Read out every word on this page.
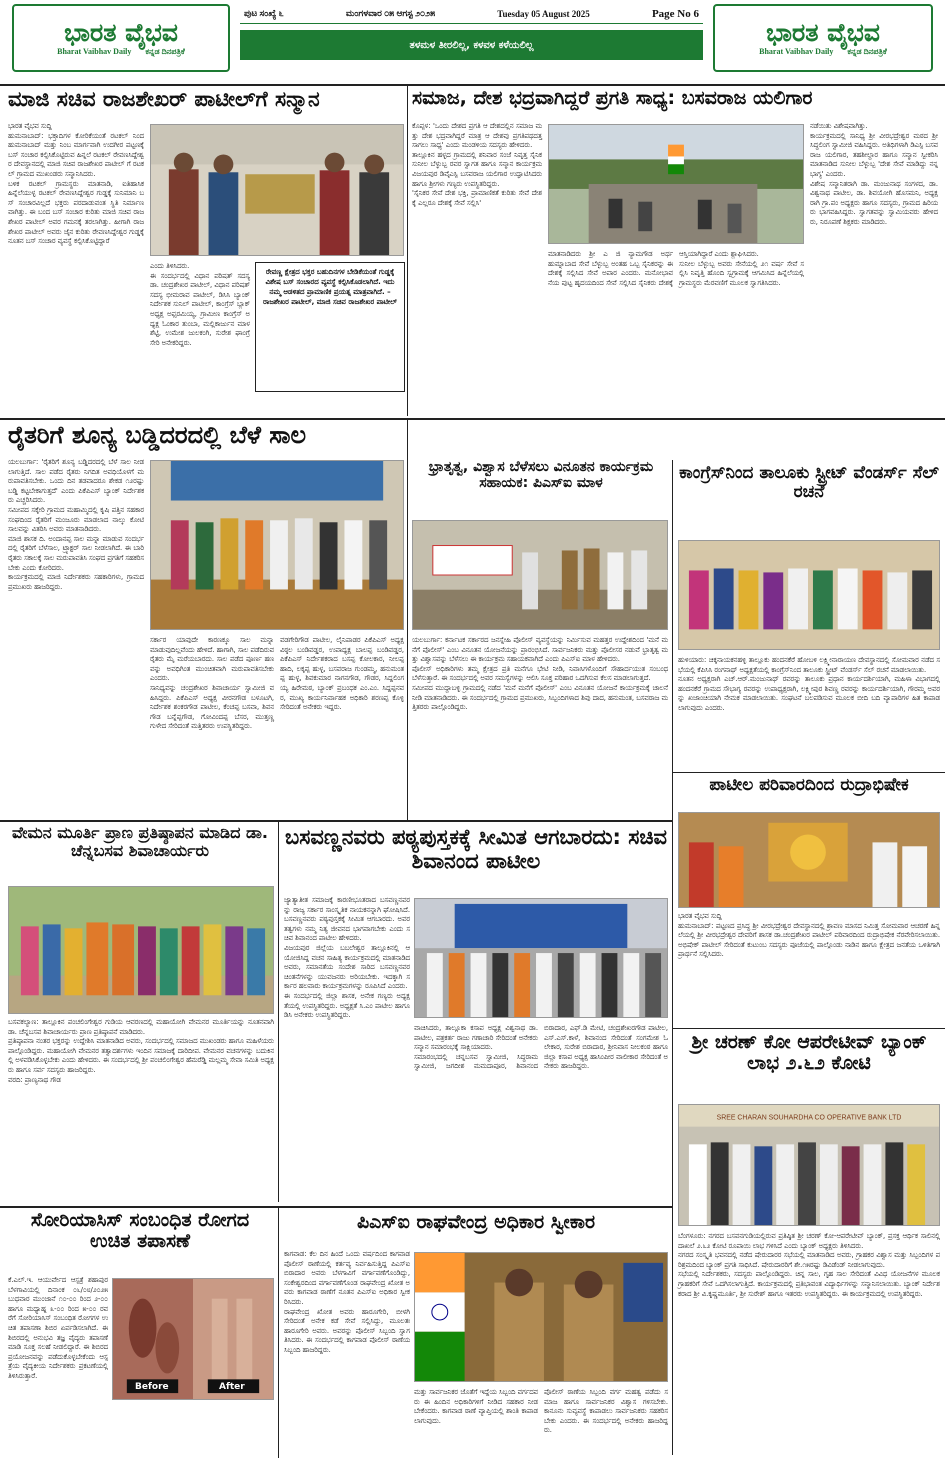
ಭಾರತ ವೈಭವ
Bharat Vaibhav Daily ಕನ್ನಡ ದಿನಪತ್ರಿಕೆ
ಭಾರತ ವೈಭವ
Bharat Vaibhav Daily ಕನ್ನಡ ದಿನಪತ್ರಿಕೆ
ಪುಟ ಸಂಖ್ಯೆ ೬	ಮಂಗಳವಾರ ೦೫ ಆಗಸ್ಟ ೨೦೨೫	Tuesday 05 August 2025	Page No 6
ತಳಮಳ ತೀರಲಿಲ್ಲ, ಕಳವಳ ಕಳೆಯಲಿಲ್ಲ
ಮಾಜಿ ಸಚಿವ ರಾಜಶೇಖರ್ ಪಾಟೀಲ್‌ಗೆ ಸನ್ಮಾನ
ಭಾರತ ವೈಭವ ಸುದ್ದಿ
ಹುಮನಾಬಾದ್: ಭಕ್ತಾದಿಗಳ ಕೋರಿಕೆಯಂತೆ ರಟಕಲ್ ನಿಂದ ಹುಮನಾಬಾದ್ ಮತ್ತು ನಿಂಬ ಮಾರ್ಗವಾಗಿ ಉದಗೀರ ಪಟ್ಟಣಕ್ಕೆ ಬಸ್ ಸಂಚಾರ ಕಲ್ಪಿಸಿಕೊಟ್ಟಿರುವ ಹಿನ್ನಲೆ ರಟಕಲ್ ರೇವಣಸಿದ್ದೇಶ್ವರ ದೇವಸ್ಥಾನದಲ್ಲಿ ಮಾಜಿ ಸಚಿವ ರಾಜಶೇಖರ ಪಾಟೀಲ್ ಗೆ ರಟಕಲ್ ಗ್ರಾಮದ ಮುಖಂಡರು ಸನ್ಮಾನಿಸಿದರು.
ಬಳಿಕ ರಟಕಲ್ ಗ್ರಾಮಸ್ಥರು ಮಾತನಾಡಿ, ಐತಿಹಾಸಿಕ ಹಿನ್ನೆಲೆಯುಳ್ಳ ರಟಕಲ್ ರೇವಣಸಿದ್ದೇಶ್ವರ ಗುಡ್ಡಕ್ಕೆ ಸುನಿಮಾನಿ ಬಸ್ ಸಂಚಾರವಿಲ್ಲದೆ ಭಕ್ತರು ಪರದಾಡುವಂತ ಸ್ಥಿತಿ ನಿರ್ಮಾಣವಾಗಿತ್ತು. ಈ ಬಂದ ಬಸ್ ಸಂಚಾರ ಕುರಿತು ಮಾಜಿ ಸಚಿವ ರಾಜಶೇಖರ ಪಾಟೀಲ್ ಅವರ ಗಮನಕ್ಕೆ ತರಲಾಗಿತ್ತು. ಹೀಗಾಗಿ ರಾಜಶೇಖರ ಪಾಟೀಲ್ ಅವರು ಜೈನ ಕುರಿತು ರೇವಣಸಿದ್ದೇಶ್ವರ ಗುಡ್ಡಕ್ಕೆ ನೂತನ ಬಸ್ ಸಂಚಾರ ವ್ಯವಸ್ಥೆ ಕಲ್ಪಿಸಿಕೊಟ್ಟಿದ್ದಾರೆ
ಎಂದು ತಿಳಿಸಿದರು.
ಈ ಸಂದರ್ಭದಲ್ಲಿ ವಿಧಾನ ಪರಿಷತ್ ಸದಸ್ಯ ಡಾ. ಚಂದ್ರಶೇಖರ ಪಾಟೀಲ್, ವಿಧಾನ ಪರಿಷತ್ ಸದಸ್ಯ ಭೀಮರಾವ ಪಾಟೀಲ್, ಡಿಸಿಸಿ ಬ್ಯಾಂಕ್ ನಿರ್ದೇಶಕ ಸುನಿಲ್ ಪಾಟೀಲ್, ಕಾಂಗ್ರೆಸ್ ಬ್ಲಾಕ್ ಅಧ್ಯಕ್ಷ ಅಫ್ಸರಮಿಯ್ಯ, ಗ್ರಾಮೀಣ ಕಾಂಗ್ರೆಸ್ ಅಧ್ಯಕ್ಷ ಓಂಕಾರ ತುಂಬಾ, ಮಲ್ಲಿಕಾರ್ಜುನ ಮಾಳಶೆಟ್ಟಿ, ಉಮೇಶ ಜುಲಕಂಗಿ, ಸುರೇಶ ಘಾಂಗ್ರೆ ಸೇರಿ ಅನೇಕರಿದ್ದರು.
ರೇವಣ್ಣ ಕ್ಷೇತ್ರದ ಭಕ್ತರ ಬಹುದಿನಗಳ ಬೇಡಿಕೆಯಂತೆ ಗುಡ್ಡಕ್ಕೆ ವಿಶೇಷ ಬಸ್ ಸಂಚಾರದ ವ್ಯವಸ್ಥೆ ಕಲ್ಪಿಸಿಕೊಡಲಾಗಿದೆ. ಇದು ನಮ್ಮ ಆಡಳಿತದ ಪ್ರಾಮಾಣಿಕ ಪ್ರಯತ್ನ ಮಾತ್ರವಾಗಿದೆ. – ರಾಜಶೇಖರ ಪಾಟೀಲ್, ಮಾಜಿ ಸಚಿವ ರಾಜಶೇಖರ ಪಾಟೀಲ್
ಸಮಾಜ, ದೇಶ ಭದ್ರವಾಗಿದ್ದರೆ ಪ್ರಗತಿ ಸಾಧ್ಯ: ಬಸವರಾಜ ಯಲಿಗಾರ
ಕೊಪ್ಪಳ: 'ಒಂದು ದೇಶದ ಪ್ರಗತಿ ಆ ದೇಶದಲ್ಲಿನ ಸಮಾಜ ಮತ್ತು ದೇಶ ಭದ್ರವಾಗಿದ್ದರೆ ಮಾತ್ರ ಆ ದೇಶವು ಪ್ರಗತಿಪಥದತ್ತ ಸಾಗಲು ಸಾಧ್ಯ' ಎಂದು ಮಂಡಳಿಯ ಸದಸ್ಯರು ಹೇಳಿದರು.
ತಾಲ್ಲೂಕಿನ ಹಳ್ಳದ ಗ್ರಾಮದಲ್ಲಿ ಶನಿವಾರ ಸಂಜೆ ನಿವೃತ್ತ ಸೈನಿಕ ಸುನೀಲ ಬೆಳ್ಳುಬ್ಬ ರವರ ಸ್ವಾಗತ ಹಾಗೂ ಸನ್ಮಾನ ಕಾರ್ಯಕ್ರಮ ವಿಜಯಪುರ ಡಿವೈಎಸ್ಪಿ ಬಸವರಾಜ ಯಲಿಗಾರ ಉದ್ಘಾಟಿಸಿದರು ಹಾಗೂ ಶ್ರೀಗಳು ಗಣ್ಯರು ಉಪಸ್ಥಿತರಿದ್ದರು.
'ಸೈನಿಕರ ಸೇವೆ ದೇಶ ಭಕ್ತಿ, ಪ್ರಾಮಾಣಿಕತೆ ಕುರಿತು ಸೇವೆ ದೇಶಕ್ಕೆ ಎಲ್ಲರೂ ದೇಶಕ್ಕೆ ಸೇವೆ ಸಲ್ಲಿಸಿ'
ಮಾತನಾಡಿದರು ಶ್ರೀ ಎ ಜಿ ನ್ಯಾಮಗೌಡ ಅರ್ಥ ಹುಮ್ನಾಬಾದ ಸೇವೆ ಬೆಳ್ಳುಬ್ಬ ಅಂತಹ ಒಬ್ಬ ಸೈನಿಕರನ್ನು ಈ ದೇಶಕ್ಕೆ ಸಲ್ಲಿಸಿದ ಸೇವೆ ಅಪಾರ ಎಂದರು. ಮನೋಭಾವನೆಯ ಪುಟ್ಟ ಹೃದಯದಿಂದ ಸೇವೆ ಸಲ್ಲಿಸಿದ ಸೈನಿಕರು ದೇಶಕ್ಕೆ ಆಸ್ತಿಯಾಗಿದ್ದಾರೆ ಎಂದು ಶ್ಲಾಘಿಸಿದರು.
ಸುನೀಲ ಬೆಳ್ಳುಬ್ಬ ಅವರು ಸೇನೆಯಲ್ಲಿ ೨೧ ವರ್ಷ ಸೇವೆ ಸಲ್ಲಿಸಿ ನಿವೃತ್ತಿ ಹೊಂದಿ ಸ್ವಗ್ರಾಮಕ್ಕೆ ಆಗಮಿಸಿದ ಹಿನ್ನೆಲೆಯಲ್ಲಿ ಗ್ರಾಮಸ್ಥರು ಮೆರವಣಿಗೆ ಮೂಲಕ ಸ್ವಾಗತಿಸಿದರು.
ನಡೆಯಿತು ವಿಶೇಷವಾಗಿತ್ತು.
ಕಾರ್ಯಕ್ರಮದಲ್ಲಿ ಸಾನಿಧ್ಯ ಶ್ರೀ ವೀರಭದ್ರೇಶ್ವರ ಮಠದ ಶ್ರೀ ಸಿದ್ಧಲಿಂಗ ಸ್ವಾಮೀಜಿ ವಹಿಸಿದ್ದರು. ಅತಿಥಿಗಳಾಗಿ ಡಿಎಸ್ಪಿ ಬಸವರಾಜ ಯಲಿಗಾರ, ತಹಶೀಲ್ದಾರ ಹಾಗೂ ಸನ್ಮಾನ ಸ್ವೀಕರಿಸಿ ಮಾತನಾಡಿದ ಸುನೀಲ ಬೆಳ್ಳುಬ್ಬ 'ದೇಶ ಸೇವೆ ಮಾಡಿದ್ದು ನನ್ನ ಭಾಗ್ಯ' ಎಂದರು.
ವಿಶೇಷ ಸನ್ಮಾನಿತರಾಗಿ ಡಾ. ಮಂಜುನಾಥ ಸಂಗಳದ, ಡಾ. ವಿಶ್ವನಾಥ ಪಾಟೀಲ, ಡಾ. ಶಿವಯೋಗಿ ಹೊಸಮನಿ, ಅಧ್ಯಕ್ಷರಾಗಿ ಗ್ರಾ.ಪಂ ಅಧ್ಯಕ್ಷರು ಹಾಗೂ ಸದಸ್ಯರು, ಗ್ರಾಮದ ಹಿರಿಯರು ಭಾಗವಹಿಸಿದ್ದರು. ಸ್ವಾಗತವನ್ನು ಸ್ವಾಮಿಯವರು ಹೇಳಿದರು, ನಿರೂಪಣೆ ಶಿಕ್ಷಕರು ಮಾಡಿದರು.
ರೈತರಿಗೆ ಶೂನ್ಯ ಬಡ್ಡಿದರದಲ್ಲಿ ಬೆಳೆ ಸಾಲ
ಯಲಬುರ್ಗಾ: 'ರೈತರಿಗೆ ಶೂನ್ಯ ಬಡ್ಡಿದರದಲ್ಲಿ ಬೆಳೆ ಸಾಲ ನೀಡಲಾಗುತ್ತಿದೆ. ಸಾಲ ಪಡೆದ ರೈತರು ನಿಗದಿತ ಅವಧಿಯೊಳಗೆ ಮರುಪಾವತಿಸಬೇಕು. ಒಂದು ದಿನ ತಡವಾದರೂ ಶೇಕಡ ೧೨ರಷ್ಟು ಬಡ್ಡಿ ಕಟ್ಟಬೇಕಾಗುತ್ತದೆ' ಎಂದು ಪಿಕೆಪಿಎಸ್ ಬ್ಯಾಂಕ್ ನಿರ್ದೇಶಕರು ಎಚ್ಚರಿಸಿದರು.
ಸಮೀಪದ ಸಕ್ಕೇರಿ ಗ್ರಾಮದ ಮಹಾಮ್ಮಿದಲ್ಲಿ ಕೃಷಿ ಪತ್ತಿನ ಸಹಕಾರ ಸಂಘದಿಂದ ರೈತರಿಗೆ ಮಂಜೂರು ಮಾಡಲಾದ ನಾಲ್ಕು ಕೋಟಿ ಸಾಲವನ್ನು ವಿತರಿಸಿ ಅವರು ಮಾತನಾಡಿದರು.
ಮಾಜಿ ಶಾಸಕ ದಿ. ಅಂದಾನಪ್ಪ ಸಾಲ ಮನ್ನಾ ಮಾಡುವ ಸಂದರ್ಭದಲ್ಲಿ ರೈತರಿಗೆ ಬೆಳೆಸಾಲ, ಟ್ರ್ಯಾಕ್ಟರ್ ಸಾಲ ನೀಡಲಾಗಿದೆ. ಈ ಬಾರಿ ರೈತರು ಸಕಾಲಕ್ಕೆ ಸಾಲ ಮರುಪಾವತಿಸಿ ಸಂಘದ ಪ್ರಗತಿಗೆ ಸಹಕರಿಸಬೇಕು ಎಂದು ಕೋರಿದರು.
ಕಾರ್ಯಕ್ರಮದಲ್ಲಿ ಮಾಜಿ ನಿರ್ದೇಶಕರು ಸಹಕಾರಿಗಳು, ಗ್ರಾಮದ ಪ್ರಮುಖರು ಹಾಜರಿದ್ದರು.
ಸರ್ಕಾರ ಯಾವುದೇ ಕಾರಣಕ್ಕೂ ಸಾಲ ಮನ್ನಾ ಮಾಡುವುದಿಲ್ಲವೆಂದು ಹೇಳಿದೆ. ಹಾಗಾಗಿ, ಸಾಲ ಪಡೆದಿರುವ ರೈತರು ಮೈ ಮರೆಯಬಾರದು. ಸಾಲ ಪಡೆದ ಪೂರ್ಣ ಹಣವನ್ನು ಅವಧಿಗಿಂತ ಮುಂಚಿತವಾಗಿ ಮರುಪಾವತಿಸಬೇಕು ಎಂದರು.
ಸಾನಿಧ್ಯವನ್ನು ಚಂದ್ರಶೇಖರ ಶಿವಾಚಾರ್ಯ ಸ್ವಾಮೀಜಿ ವಹಿಸಿದ್ದರು. ಪಿಕೆಪಿಎಸ್ ಅಧ್ಯಕ್ಷ ವೀರನಗೌಡ ಬಳೂಟಗಿ, ನಿರ್ದೇಶಕ ಶಂಕರಗೌಡ ಪಾಟೀಲ, ಕೆಂಚಪ್ಪ ಬಸವಾ, ಶಿವನಗೌಡ ಬನ್ನೆಪ್ಪಗೌಡ, ಗೋವಿಂದಪ್ಪ ಬೆಸರ, ಮುತ್ತಣ್ಣ ಗುಳೇದ ಸೇರಿದಂತೆ ಮತ್ತಿತರರು ಉಪಸ್ಥಿತರಿದ್ದರು.
ವಡಗೇರಿಗೌಡ ಪಾಟೀಲ, ಲೈನಿಪಾಡರ ಪಿಕೆಪಿಎಸ್ ಅಧ್ಯಕ್ಷ ವಿಠ್ಠಲ ಬಂಡಿವಡ್ಡರ, ಉಪಾಧ್ಯಕ್ಷ ಬಾಲಪ್ಪ ಬಂಡಿವಡ್ಡರ, ಪಿಕೆಪಿಎಸ್ ನಿರ್ದೇಶಕರಾದ ಬಸಪ್ಪ ಕೋಲಕಾರ, ನೀಲಪ್ಪ ಹಾದಿ, ಲಕ್ಕಪ್ಪ ಹುಳ್ಳ, ಬಸವರಾಜ ಗುಂಡಮ್ಮ, ಹನುಮಂತಪ್ಪ ಹುಳ್ಳ, ಶಿವಕುಮಾರ ನಾಗನಗೌಡ, ಗೌಡರ, ಸಿದ್ದಲಿಂಗಯ್ಯ ಹಿರೇಮಠ, ಬ್ಯಾಂಕ್ ಪ್ರಬಂಧಕ ಎಂ.ಎಂ. ಸಿದ್ದಪ್ಪನವರ, ಮುಖ್ಯ ಕಾರ್ಯನಿರ್ವಾಹಕ ಅಧಿಕಾರಿ ಶರಣಪ್ಪ ಕೊಳ್ಳಿ ಸೇರಿದಂತೆ ಅನೇಕರು ಇದ್ದರು.
ಭ್ರಾತೃತ್ವ, ವಿಶ್ವಾಸ ಬೆಳೆಸಲು ವಿನೂತನ ಕಾರ್ಯಕ್ರಮ ಸಹಾಯಕ: ಪಿಎಸ್ಐ ಮಾಳ
ಯಲಬುರ್ಗಾ: ಕರ್ನಾಟಕ ಸರ್ಕಾರದ ಜನಸ್ನೇಹಿ ಪೊಲೀಸ್ ವ್ಯವಸ್ಥೆಯನ್ನು ನಿರ್ಮಿಸುವ ಮಹತ್ತರ ಉದ್ದೇಶದಿಂದ 'ಮನೆ ಮನೆಗೆ ಪೊಲೀಸ್' ಎಂಬ ವಿನೂತನ ಯೋಜನೆಯನ್ನು ಪ್ರಾರಂಭಿಸಿದೆ. ಸಾರ್ವಜನಿಕರು ಮತ್ತು ಪೊಲೀಸರ ನಡುವೆ ಭ್ರಾತೃತ್ವ ಮತ್ತು ವಿಶ್ವಾಸವನ್ನು ಬೆಳೆಸಲು ಈ ಕಾರ್ಯಕ್ರಮ ಸಹಾಯಕವಾಗಿದೆ ಎಂದು ಪಿಎಸ್ಐ ಮಾಳ ಹೇಳಿದರು.
ಪೊಲೀಸ್ ಅಧಿಕಾರಿಗಳು ತಮ್ಮ ಕ್ಷೇತ್ರದ ಪ್ರತಿ ಮನೆಗೂ ಭೇಟಿ ನೀಡಿ, ನಿವಾಸಿಗಳೊಂದಿಗೆ ಸೌಹಾರ್ದಯುತ ಸಂಬಂಧ ಬೆಳೆಸುತ್ತಾರೆ. ಈ ಸಂದರ್ಭದಲ್ಲಿ ಅವರ ಸಮಸ್ಯೆಗಳನ್ನು ಆಲಿಸಿ ಸೂಕ್ತ ಪರಿಹಾರ ಒದಗಿಸುವ ಕೆಲಸ ಮಾಡಲಾಗುತ್ತದೆ.
ಸಮೀಪದ ಮುದ್ದಾಬಳ್ಳಿ ಗ್ರಾಮದಲ್ಲಿ ನಡೆದ 'ಮನೆ ಮನೆಗೆ ಪೊಲೀಸ್' ಎಂಬ ವಿನೂತನ ಯೋಜನೆ ಕಾರ್ಯಕ್ರಮಕ್ಕೆ ಚಾಲನೆ ನೀಡಿ ಮಾತನಾಡಿದರು. ಈ ಸಂದರ್ಭದಲ್ಲಿ ಗ್ರಾಮದ ಪ್ರಮುಖರು, ಸಿಬ್ಬಂದಿಗಳಾದ ಶಿವು ದಾದ, ಹನುಮಂತ, ಬಸವರಾಜ ಮತ್ತಿತರರು ಪಾಲ್ಗೊಂಡಿದ್ದರು.
ಕಾಂಗ್ರೆಸ್‌ನಿಂದ ತಾಲೂಕು ಸ್ಟ್ರೀಟ್ ವೆಂಡರ್ಸ್ ಸೆಲ್ ರಚನೆ
ಹುಳಿಯಾರು: ಚಿಕ್ಕನಾಯಕನಹಳ್ಳಿ ತಾಲ್ಲೂಕು ಹಂದನಕೆರೆ ಹೋಬಳಿ ಲಕ್ಷ್ಮೀನಾರಾಯಣ ದೇವಸ್ಥಾನದಲ್ಲಿ ಸೋಮವಾರ ನಡೆದ ಸಭೆಯಲ್ಲಿ ಕೆಪಿಸಿಸಿ ರಂಗನಾಥ್ ಅಧ್ಯಕ್ಷತೆಯಲ್ಲಿ ಕಾಂಗ್ರೆಸ್‌ನಿಂದ ತಾಲೂಕು ಸ್ಟ್ರೀಟ್ ವೆಂಡರ್ಸ್ ಸೆಲ್ ರಚನೆ ಮಾಡಲಾಯಿತು.
ನೂತನ ಅಧ್ಯಕ್ಷರಾಗಿ ಎಚ್.ಆರ್.ಮಂಜುನಾಥ್ ರವರನ್ನು ತಾಲೂಕು ಪ್ರಧಾನ ಕಾರ್ಯದರ್ಶಿಯಾಗಿ, ಮಹಿಳಾ ವಿಭಾಗದಲ್ಲಿ ಹಂದನಕೆರೆ ಗ್ರಾಮದ ಸೌಭಾಗ್ಯ ರವರನ್ನು ಉಪಾಧ್ಯಕ್ಷರಾಗಿ, ಲಕ್ಷ್ಮೀಪುರ ಶಿವಣ್ಣ ರವರನ್ನು ಕಾರ್ಯದರ್ಶಿಯಾಗಿ, ಗೌರಮ್ಮ ಅವರನ್ನು ಖಜಾಂಚಿಯಾಗಿ ನೇಮಕ ಮಾಡಲಾಯಿತು. ಸಂಘಟನೆ ಬಲಪಡಿಸುವ ಮೂಲಕ ಬೀದಿ ಬದಿ ವ್ಯಾಪಾರಿಗಳ ಹಿತ ಕಾಪಾಡಲಾಗುವುದು ಎಂದರು.
ಪಾಟೀಲ ಪರಿವಾರದಿಂದ ರುದ್ರಾಭಿಷೇಕ
ಭಾರತ ವೈಭವ ಸುದ್ದಿ
ಹುಮನಾಬಾದ್: ಪಟ್ಟಣದ ಪ್ರಸಿದ್ಧ ಶ್ರೀ ವೀರಭದ್ರೇಶ್ವರ ದೇವಸ್ಥಾನದಲ್ಲಿ ಶ್ರಾವಣ ಮಾಸದ ನಿಮಿತ್ತ ಸೋಮವಾರ ಆಚರಣೆ ಹಿನ್ನಲೆಯಲ್ಲಿ ಶ್ರೀ ವೀರಭದ್ರೇಶ್ವರ ದೇವರಿಗೆ ಶಾಸಕ ಡಾ.ಚಂದ್ರಶೇಖರ ಪಾಟೀಲ್ ಪರಿವಾರದಿಂದ ರುದ್ರಾಭಿಷೇಕ ನೆರವೇರಿಸಲಾಯಿತು. ಅಭಿಷೇಕ್ ಪಾಟೀಲ್ ಸೇರಿದಂತೆ ಕುಟುಂಬ ಸದಸ್ಯರು ಪೂಜೆಯಲ್ಲಿ ಪಾಲ್ಗೊಂಡು ನಾಡಿನ ಹಾಗೂ ಕ್ಷೇತ್ರದ ಜನತೆಯ ಒಳಿತಿಗಾಗಿ ಪ್ರಾರ್ಥನೆ ಸಲ್ಲಿಸಿದರು.
ವೇಮನ ಮೂರ್ತಿ ಪ್ರಾಣ ಪ್ರತಿಷ್ಠಾಪನ ಮಾಡಿದ ಡಾ. ಚೆನ್ನಬಸವ ಶಿವಾಚಾರ್ಯರು
ಬಸವಕಲ್ಯಾಣ: ತಾಲ್ಲೂಕಿನ ಪಂಚಲಿಂಗೇಶ್ವರ ಗುಡಿಯ ಆವರಣದಲ್ಲಿ ಮಹಾಯೋಗಿ ವೇಮನರ ಮೂರ್ತಿಯನ್ನು ನೂತನವಾಗಿ ಡಾ. ಚೆನ್ನಬಸವ ಶಿವಾಚಾರ್ಯರು ಪ್ರಾಣ ಪ್ರತಿಷ್ಠಾಪನೆ ಮಾಡಿದರು.
ಪ್ರತಿಷ್ಠಾಪನಾ ನಂತರ ಭಕ್ತರನ್ನು ಉದ್ದೇಶಿಸಿ ಮಾತನಾಡಿದ ಅವರು, ಸಂದರ್ಭದಲ್ಲಿ ಸಮಾಜದ ಮುಖಂಡರು ಹಾಗೂ ಮಹಿಳೆಯರು ಪಾಲ್ಗೊಂಡಿದ್ದರು. ಮಹಾಯೋಗಿ ವೇಮನರ ತತ್ವಾದರ್ಶಗಳು ಇಂದಿನ ಸಮಾಜಕ್ಕೆ ದಾರಿದೀಪ. ವೇಮನರ ವಚನಗಳನ್ನು ಬದುಕಿನಲ್ಲಿ ಅಳವಡಿಸಿಕೊಳ್ಳಬೇಕು ಎಂದು ಹೇಳಿದರು. ಈ ಸಂದರ್ಭದಲ್ಲಿ ಶ್ರೀ ಪಂಚಲಿಂಗೇಶ್ವರ ಹೆಮರೆಡ್ಡಿ ಮಲ್ಲಮ್ಮ ಸೇವಾ ಸಮಿತಿ ಅಧ್ಯಕ್ಷರು ಹಾಗೂ ಸರ್ವ ಸದಸ್ಯರು ಹಾಜರಿದ್ದರು.
ವರದಿ: ಪ್ರಾಣ್ಯನಾಥ ಗೌಡ
ಬಸವಣ್ಣನವರು ಪಠ್ಯಪುಸ್ತಕಕ್ಕೆ ಸೀಮಿತ ಆಗಬಾರದು: ಸಚಿವ ಶಿವಾನಂದ ಪಾಟೀಲ
ಜ್ಯಾತ್ಯಾತೀತ ಸಮಾಜಕ್ಕೆ ಕಾರಣೀಭೂತರಾದ ಬಸವಣ್ಣನವರನ್ನು ರಾಜ್ಯ ಸರ್ಕಾರ ಸಾಂಸ್ಕೃತಿಕ ನಾಯಕನನ್ನಾಗಿ ಘೋಷಿಸಿದೆ. ಬಸವಣ್ಣನವರು ಪಠ್ಯಪುಸ್ತಕಕ್ಕೆ ಸೀಮಿತ ಆಗಬಾರದು. ಅವರ ತತ್ವಗಳು ನಮ್ಮ ನಿತ್ಯ ಜೀವನದ ಭಾಗವಾಗಬೇಕು ಎಂದು ಸಚಿವ ಶಿವಾನಂದ ಪಾಟೀಲ ಹೇಳಿದರು.
ವಿಜಯಪುರ ಜಿಲ್ಲೆಯ ಬಬಲೇಶ್ವರ ತಾಲ್ಲೂಕಿನಲ್ಲಿ ಆಯೋಜಿಸಿದ್ದ ವಚನ ಸಾಹಿತ್ಯ ಕಾರ್ಯಕ್ರಮದಲ್ಲಿ ಮಾತನಾಡಿದ ಅವರು, ಸಮಾನತೆಯ ಸಂದೇಶ ಸಾರಿದ ಬಸವಣ್ಣನವರ ಚಿಂತನೆಗಳನ್ನು ಯುವಜನರು ಅರಿಯಬೇಕು. ಇದಕ್ಕಾಗಿ ಸರ್ಕಾರ ಹಲವಾರು ಕಾರ್ಯಕ್ರಮಗಳನ್ನು ರೂಪಿಸಿದೆ ಎಂದರು.
ಈ ಸಂದರ್ಭದಲ್ಲಿ ಜಿಲ್ಲಾ ಶಾಸಕ, ಅನೇಕ ಗಣ್ಯರು ಅಧ್ಯಕ್ಷತೆಯಲ್ಲಿ ಉಪಸ್ಥಿತರಿದ್ದರು. ಅಧ್ಯಕ್ಷತೆ ಸಿ.ಎಂ ಪಾಟೀಲ ಹಾಗೂ ಡಿಸಿ ಅನೇಕರು ಉಪಸ್ಥಿತರಿದ್ದರು.
ವಾಚಿಸಿದರು, ತಾಲ್ಲೂಕಾ ಕಸಾಪ ಅಧ್ಯಕ್ಷ ವಿಶ್ವನಾಥ ಡಾ. ಪಾಟೀಲ, ಪತ್ರಕರ್ತ ರಾಜು ಗಣಾಚಾರಿ ಸೇರಿದಂತೆ ಅನೇಕರು ಸನ್ಮಾನ ಸಮಾರಂಭಕ್ಕೆ ಸಾಕ್ಷಿಯಾದರು.
ಸಮಾರಂಭದಲ್ಲಿ ಚನ್ನಬಸವ ಸ್ವಾಮೀಜಿ, ಸಿದ್ಧರಾಮ ಸ್ವಾಮೀಜಿ, ಜಗದೀಶ ಮಮದಾಪೂರ, ಶಿವಾನಂದ ಬಿರಾದಾರ, ಎಫ್.ಡಿ ಮೇಟಿ, ಚಂದ್ರಶೇಖರಗೌಡ ಪಾಟೀಲ, ಎಸ್.ಎಸ್.ಕಾಳೆ, ಶಿವಾನಂದ ಸೇರಿದಂತೆ ಸಂಗಮೇಶ ಓಲೇಕಾರ, ಸುರೇಶ ಬಿರಾದಾರ, ಶ್ರೀನಿವಾಸ ನೀಲಕಂಠ ಹಾಗೂ ಜಿಲ್ಲಾ ಕಸಾಪ ಅಧ್ಯಕ್ಷ ಹಾಸಿಂಪೀರ ವಾಲೀಕಾರ ಸೇರಿದಂತೆ ಅನೇಕರು ಹಾಜರಿದ್ದರು.
ಶ್ರೀ ಚರಣ್ ಕೋ ಆಪರೇಟೀವ್ ಬ್ಯಾಂಕ್ ಲಾಭ ೨.೬೨ ಕೋಟಿ
SREE CHARAN SOUHARDHA CO OPERATIVE BANK LTD
ಬೆಂಗಳೂರು: ನಗರದ ಬಸವನಗುಡಿಯಲ್ಲಿರುವ ಪ್ರತಿಷ್ಠಿತ ಶ್ರೀ ಚರಣ್ ಕೋ-ಆಪರೇಟೀವ್ ಬ್ಯಾಂಕ್, ಪ್ರಸಕ್ತ ಆರ್ಥಿಕ ಸಾಲಿನಲ್ಲಿ ದಾಖಲೆ ೨.೬೨ ಕೋಟಿ ರೂಪಾಯಿ ಲಾಭ ಗಳಿಸಿದೆ ಎಂದು ಬ್ಯಾಂಕ್ ಅಧ್ಯಕ್ಷರು ತಿಳಿಸಿದರು.
ನಗರದ ಸಂಸ್ಕೃತಿ ಭವನದಲ್ಲಿ ನಡೆದ ಷೇರುದಾರರ ಸಭೆಯಲ್ಲಿ ಮಾತನಾಡಿದ ಅವರು, ಗ್ರಾಹಕರ ವಿಶ್ವಾಸ ಮತ್ತು ಸಿಬ್ಬಂದಿಗಳ ಪರಿಶ್ರಮದಿಂದ ಬ್ಯಾಂಕ್ ಪ್ರಗತಿ ಸಾಧಿಸಿದೆ. ಷೇರುದಾರರಿಗೆ ಶೇ.೧೫ರಷ್ಟು ಡಿವಿಡೆಂಡ್ ನೀಡಲಾಗುವುದು.
ಸಭೆಯಲ್ಲಿ ನಿರ್ದೇಶಕರು, ಸದಸ್ಯರು ಪಾಲ್ಗೊಂಡಿದ್ದರು. ಚಿನ್ನ ಸಾಲ, ಗೃಹ ಸಾಲ ಸೇರಿದಂತೆ ವಿವಿಧ ಯೋಜನೆಗಳ ಮೂಲಕ ಗ್ರಾಹಕರಿಗೆ ಸೇವೆ ಒದಗಿಸಲಾಗುತ್ತಿದೆ. ಕಾರ್ಯಕ್ರಮದಲ್ಲಿ ಪ್ರತಿಭಾವಂತ ವಿದ್ಯಾರ್ಥಿಗಳನ್ನು ಸನ್ಮಾನಿಸಲಾಯಿತು. ಬ್ಯಾಂಕ್ ನಿರ್ದೇಶಕರಾದ ಶ್ರೀ ವಿ.ಕೃಷ್ಣಮೂರ್ತಿ, ಶ್ರೀ ಸುರೇಶ್ ಹಾಗೂ ಇತರರು ಉಪಸ್ಥಿತರಿದ್ದರು. ಈ ಕಾರ್ಯಕ್ರಮದಲ್ಲಿ ಉಪಸ್ಥಿತರಿದ್ದರು.
ಸೋರಿಯಾಸಿಸ್ ಸಂಬಂಧಿತ ರೋಗದ ಉಚಿತ ತಪಾಸಣೆ
ಕೆ.ಎಲ್.ಇ. ಆಯುರ್ವೇದ ಆಸ್ಪತ್ರೆ ಶಹಾಪುರ ಬೆಳಗಾವಿಯಲ್ಲಿ ದಿನಾಂಕ ೦೬/೦೮/೨೦೨೫ ಬುಧವಾರ ಮುಂಜಾನೆ ೧೦-೦೦ ರಿಂದ ೨-೦೦ ಹಾಗೂ ಮಧ್ಯಾಹ್ನ ೩-೦೦ ರಿಂದ ೫-೦೦ ರವರೆಗೆ ಸೋರಿಯಾಸಿಸ್ ಸಂಬಂಧಿತ ರೋಗಗಳ ಉಚಿತ ತಪಾಸಣಾ ಶಿಬಿರ ಏರ್ಪಡಿಸಲಾಗಿದೆ. ಈ ಶಿಬಿರದಲ್ಲಿ ಅನುಭವಿ ತಜ್ಞ ವೈದ್ಯರು ತಪಾಸಣೆ ಮಾಡಿ ಸೂಕ್ತ ಸಲಹೆ ನೀಡಲಿದ್ದಾರೆ. ಈ ಶಿಬಿರದ ಪ್ರಯೋಜನವನ್ನು ಪಡೆದುಕೊಳ್ಳಬೇಕೆಂದು ಆಸ್ಪತ್ರೆಯ ವೈದ್ಯಕೀಯ ನಿರ್ದೇಶಕರು ಪ್ರಕಟಣೆಯಲ್ಲಿ ತಿಳಿಸಿರುತ್ತಾರೆ.
Before	After
ಪಿಎಸ್ಐ ರಾಘವೇಂದ್ರ ಅಧಿಕಾರ ಸ್ವೀಕಾರ
ಕಾಗವಾಡ: ಕೆಲ ದಿನ ಹಿಂದೆ ಒಂದು ವರ್ಷದಿಂದ ಕಾಗವಾಡ ಪೊಲೀಸ್ ಠಾಣೆಯಲ್ಲಿ ಕರ್ತವ್ಯ ನಿರ್ವಹಿಸುತ್ತಿದ್ದ ಪಿಎಸ್ಐ ಬಿರಾದಾರ ಅವರು ಬೆಳಗಾವಿಗೆ ವರ್ಗಾವಣೆಗೊಂಡಿದ್ದು, ಸಂಕೇಶ್ವರದಿಂದ ವರ್ಗಾವಣೆಗೊಂಡ ರಾಘವೇಂದ್ರ ಖೋತ ಅವರು ಕಾಗವಾಡ ಠಾಣೆಗೆ ನೂತನ ಪಿಎಸ್ಐ ಅಧಿಕಾರ ಸ್ವೀಕರಿಸಿದರು.
ರಾಘವೇಂದ್ರ ಖೋತ ಅವರು ಹಾರೂಗೇರಿ, ಬೀಳಗಿ ಸೇರಿದಂತೆ ಅನೇಕ ಕಡೆ ಸೇವೆ ಸಲ್ಲಿಸಿದ್ದು, ಮೂಲತಃ ಹಾರೂಗೇರಿ ಅವರು. ಅವರನ್ನು ಪೊಲೀಸ್ ಸಿಬ್ಬಂದಿ ಸ್ವಾಗತಿಸಿದರು. ಈ ಸಂದರ್ಭದಲ್ಲಿ ಕಾಗವಾಡ ಪೊಲೀಸ್ ಠಾಣೆಯ ಸಿಬ್ಬಂದಿ ಹಾಜರಿದ್ದರು.
ಮತ್ತು ಸಾರ್ವಜನಿಕರ ಜೊತೆಗೆ ಇದ್ದೆಯ ಸಿಬ್ಬಂದಿ ವರ್ಗದವರು ಈ ಹಿಂದಿನ ಅಧಿಕಾರಿಗಳಿಗೆ ನೀಡಿದ ಸಹಕಾರ ನೀಡಬೇಕೆಂದರು. ಕಾಗವಾಡ ಠಾಣೆ ವ್ಯಾಪ್ತಿಯಲ್ಲಿ ಶಾಂತಿ ಕಾಪಾಡಲಾಗುವುದು.
ಪೊಲೀಸ್ ಠಾಣೆಯ ಸಿಬ್ಬಂದಿ ವರ್ಗ ಮಹತ್ವ ಪಡೆದು ಸಮಾಜ ಹಾಗೂ ಸಾರ್ವಜನಿಕರ ವಿಶ್ವಾಸ ಗಳಿಸಬೇಕು. ಕಾನೂನು ಸುವ್ಯವಸ್ಥೆ ಕಾಪಾಡಲು ಸಾರ್ವಜನಿಕರು ಸಹಕರಿಸಬೇಕು ಎಂದರು. ಈ ಸಂದರ್ಭದಲ್ಲಿ ಅನೇಕರು ಹಾಜರಿದ್ದರು.
